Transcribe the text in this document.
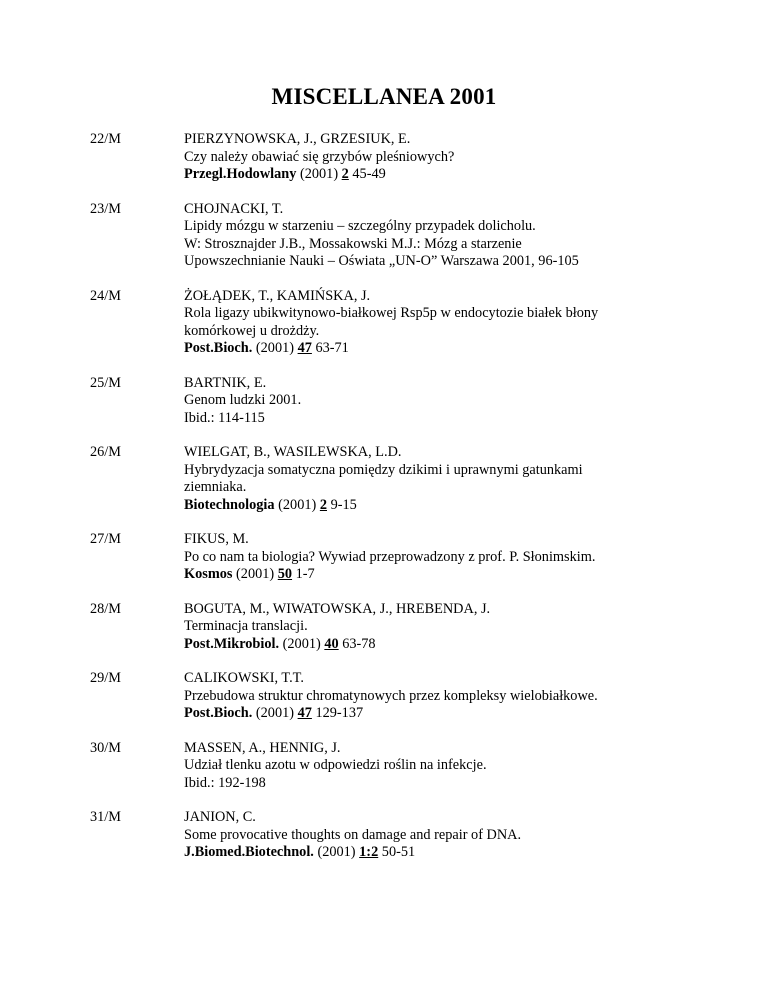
MISCELLANEA 2001
22/M	PIERZYNOWSKA, J., GRZESIUK, E.
Czy należy obawiać się grzybów pleśniowych?
Przegl.Hodowlany (2001) 2 45-49
23/M	CHOJNACKI, T.
Lipidy mózgu w starzeniu – szczególny przypadek dolicholu.
W: Strosznajder J.B., Mossakowski M.J.: Mózg a starzenie
Upowszechnianie Nauki – Oświata „UN-O” Warszawa 2001, 96-105
24/M	ŻOŁĄDEK, T., KAMIŃSKA, J.
Rola ligazy ubikwitynowo-białkowej Rsp5p w endocytozie białek błony
komórkowej u drożdży.
Post.Bioch. (2001) 47 63-71
25/M	BARTNIK, E.
Genom ludzki 2001.
Ibid.: 114-115
26/M	WIELGAT, B., WASILEWSKA, L.D.
Hybrydyzacja somatyczna pomiędzy dzikimi i uprawnymi gatunkami
ziemniaka.
Biotechnologia (2001) 2 9-15
27/M	FIKUS, M.
Po co nam ta biologia? Wywiad przeprowadzony z prof. P. Słonimskim.
Kosmos (2001) 50 1-7
28/M	BOGUTA, M., WIWATOWSKA, J., HREBENDA, J.
Terminacja translacji.
Post.Mikrobiol. (2001) 40 63-78
29/M	CALIKOWSKI, T.T.
Przebudowa struktur chromatynowych przez kompleksy wielobiałkowe.
Post.Bioch. (2001) 47 129-137
30/M	MASSEN, A., HENNIG, J.
Udział tlenku azotu w odpowiedzi roślin na infekcje.
Ibid.: 192-198
31/M	JANION, C.
Some provocative thoughts on damage and repair of DNA.
J.Biomed.Biotechnol. (2001) 1:2 50-51
